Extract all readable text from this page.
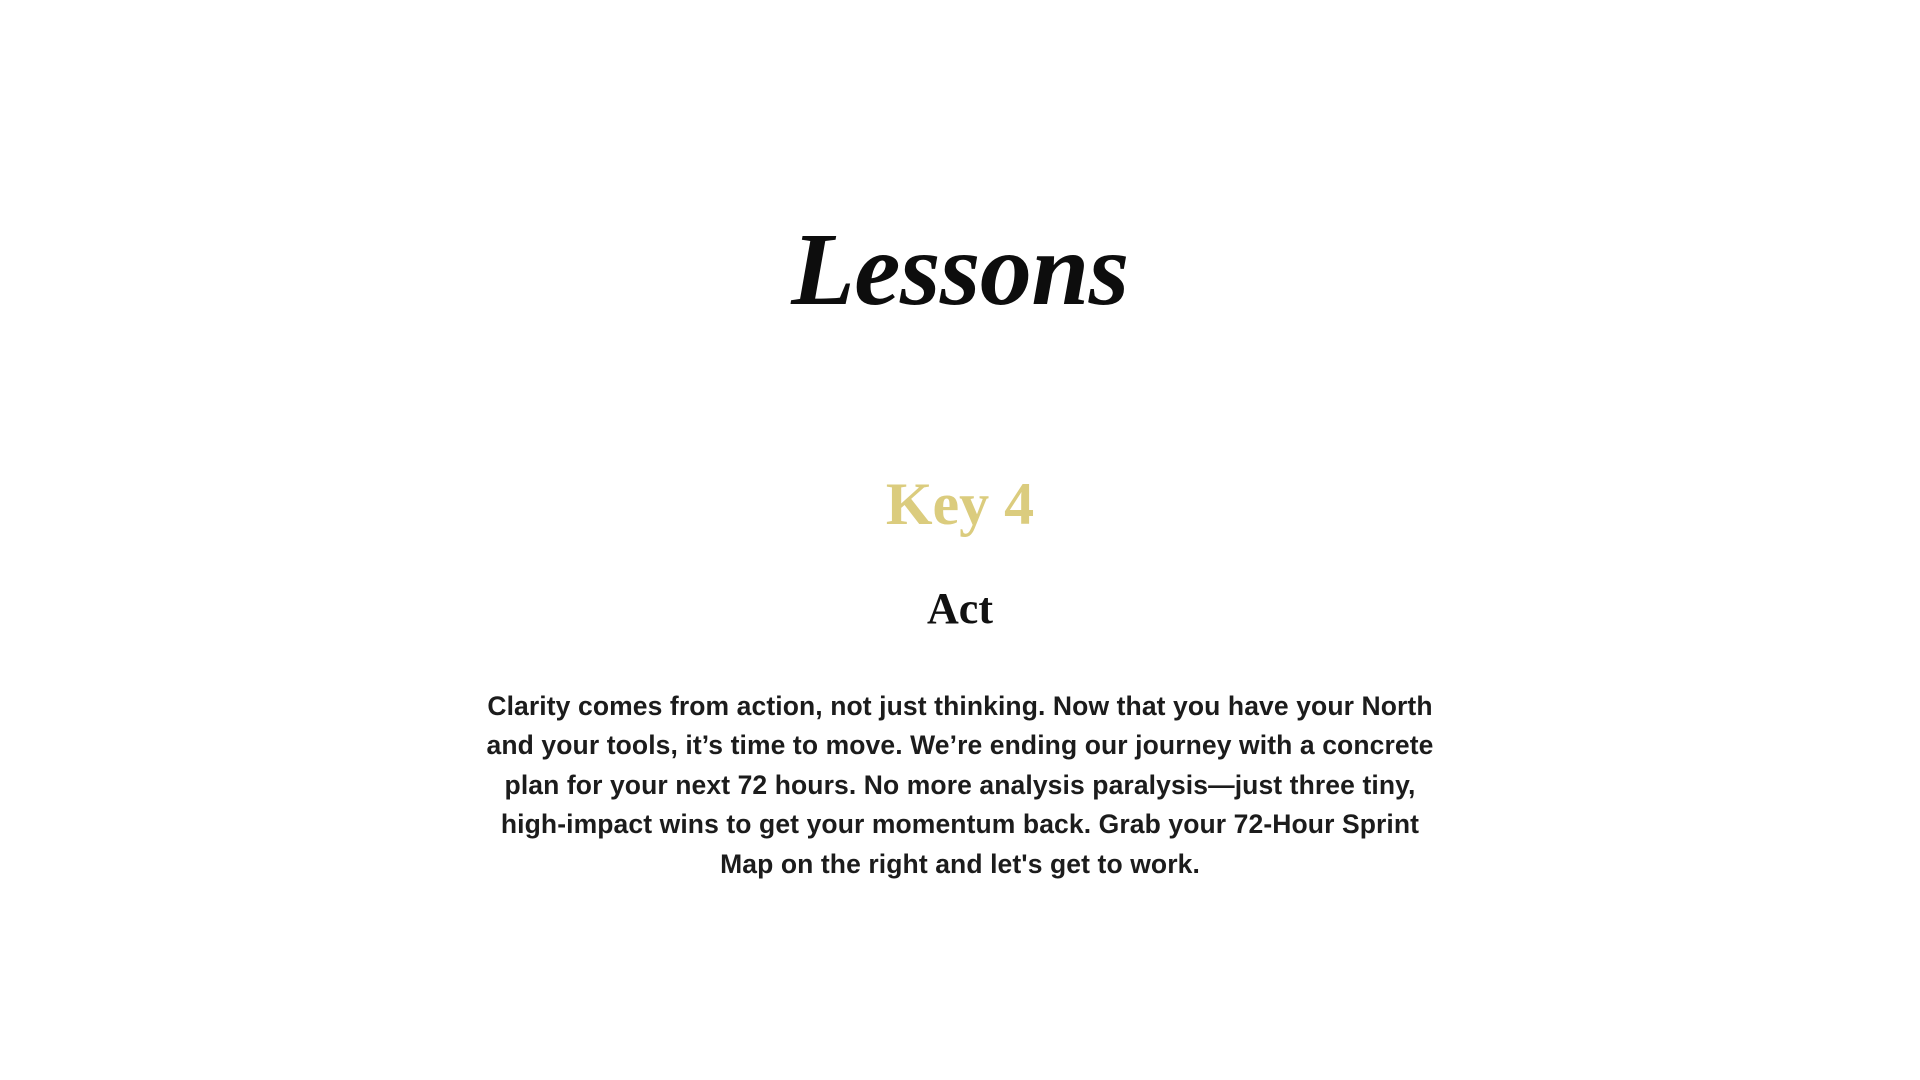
Lessons
Key 4
Act

Clarity comes from action, not just thinking. Now that you have your North and your tools, it’s time to move. We’re ending our journey with a concrete plan for your next 72 hours. No more analysis paralysis—just three tiny, high-impact wins to get your momentum back. Grab your 72-Hour Sprint Map on the right and let's get to work.
